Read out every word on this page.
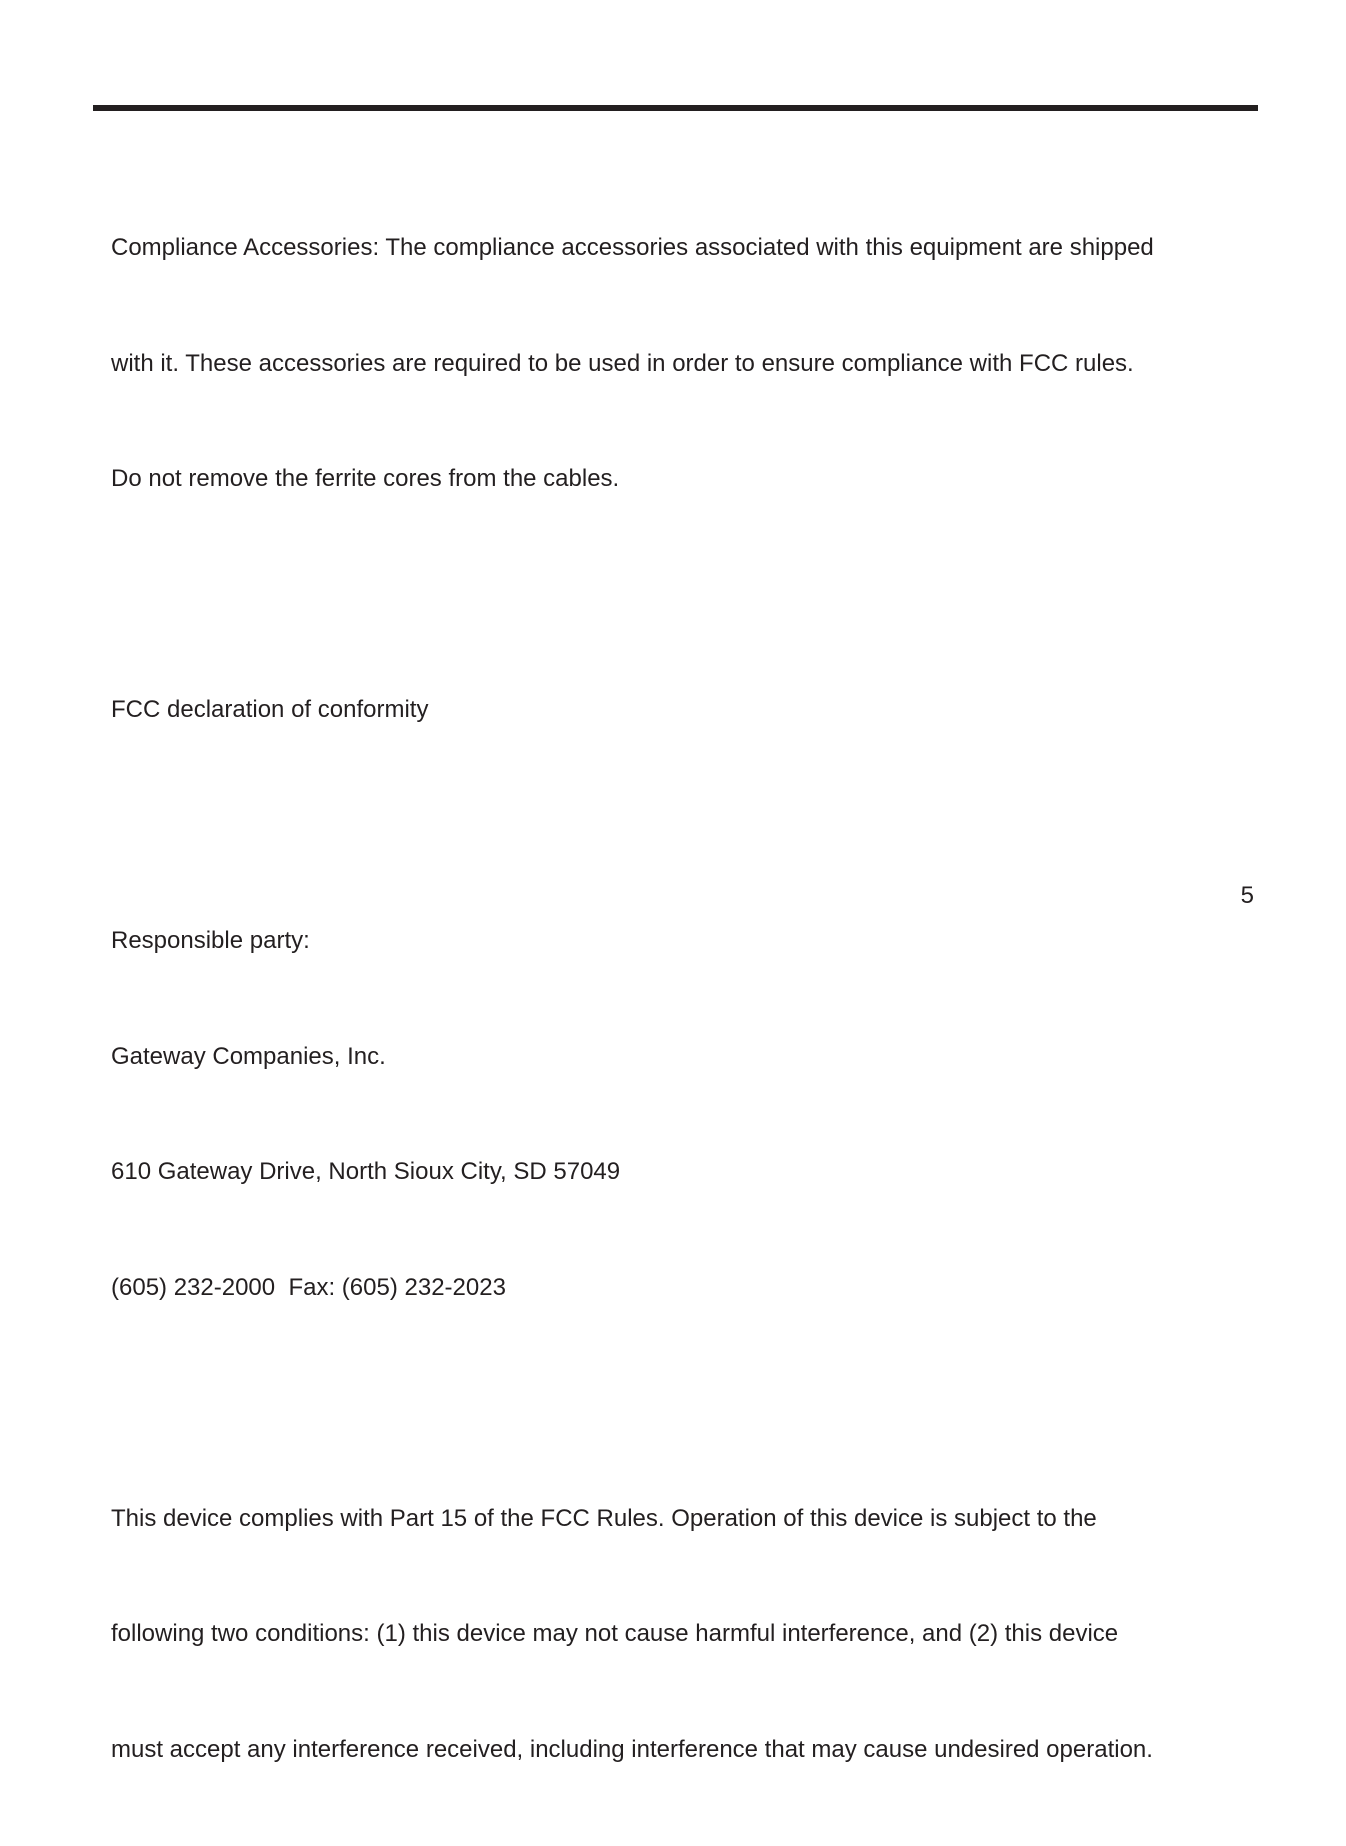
Compliance Accessories: The compliance accessories associated with this equipment are shipped

with it. These accessories are required to be used in order to ensure compliance with FCC rules.

Do not remove the ferrite cores from the cables.

FCC declaration of conformity

Responsible party:

Gateway Companies, Inc.

610 Gateway Drive, North Sioux City, SD 57049

(605) 232-2000  Fax: (605) 232-2023

This device complies with Part 15 of the FCC Rules. Operation of this device is subject to the

following two conditions: (1) this device may not cause harmful interference, and (2) this device

must accept any interference received, including interference that may cause undesired operation.

5
